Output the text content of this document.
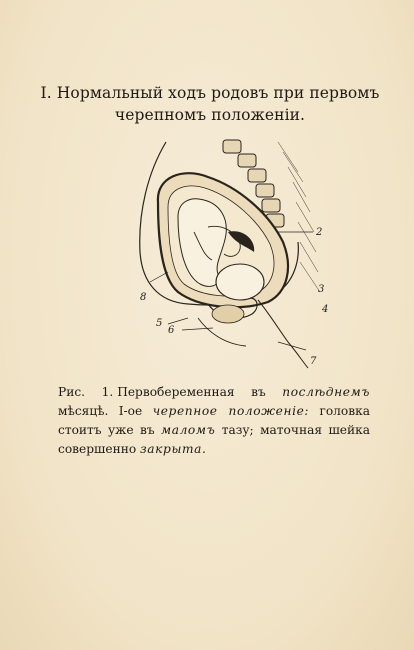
I. Нормальный ходъ родовъ при первомъ
черепномъ положеніи.
2
3
4
5
6
7
8
Рис. 1. Первобеременная въ послѣднемъ мѣсяцѣ. I-ое черепное положеніе: головка стоитъ уже въ маломъ тазу; маточная шейка совершенно закрыта.
